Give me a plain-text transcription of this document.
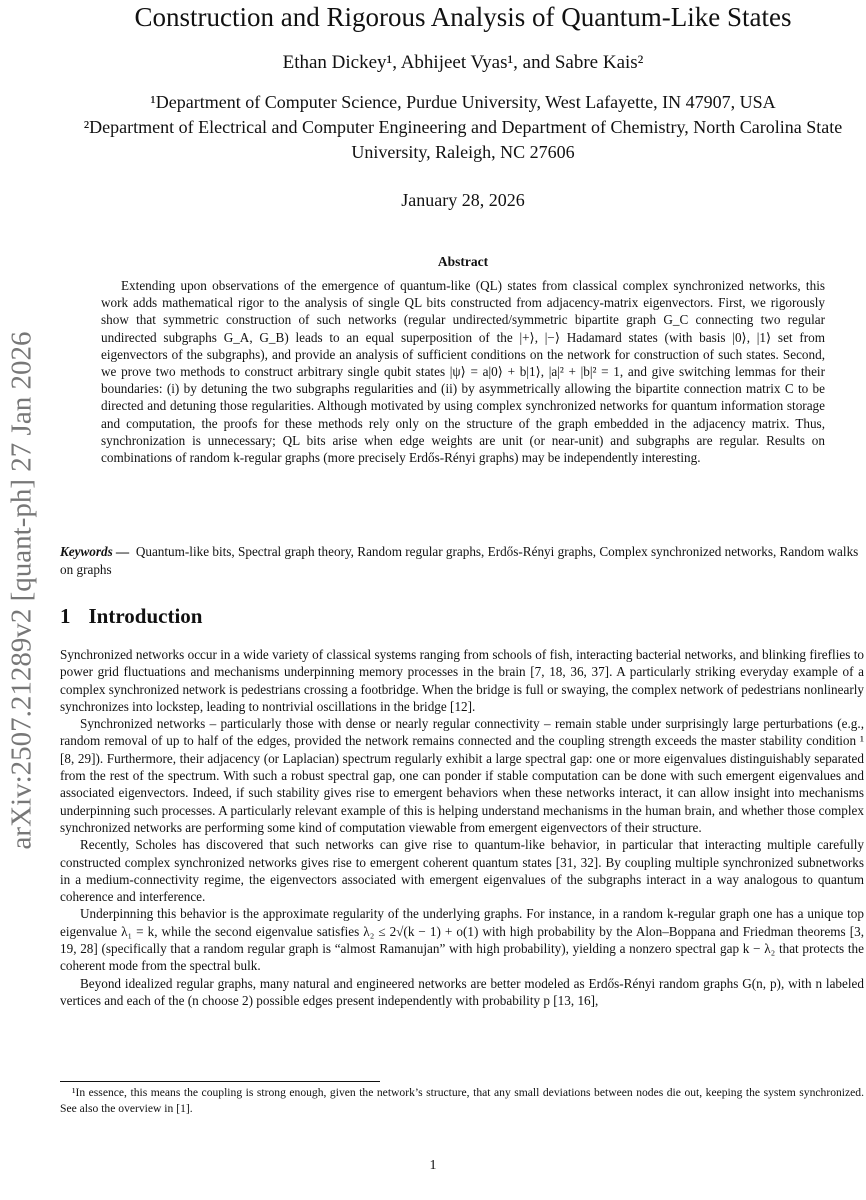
arXiv:2507.21289v2 [quant-ph] 27 Jan 2026
Construction and Rigorous Analysis of Quantum-Like States
Ethan Dickey¹, Abhijeet Vyas¹, and Sabre Kais²
¹Department of Computer Science, Purdue University, West Lafayette, IN 47907, USA
²Department of Electrical and Computer Engineering and Department of Chemistry, North Carolina State University, Raleigh, NC 27606
January 28, 2026
Abstract

Extending upon observations of the emergence of quantum-like (QL) states from classical complex synchronized networks, this work adds mathematical rigor to the analysis of single QL bits constructed from adjacency-matrix eigenvectors. First, we rigorously show that symmetric construction of such networks (regular undirected/symmetric bipartite graph G_C connecting two regular undirected subgraphs G_A, G_B) leads to an equal superposition of the |+⟩, |−⟩ Hadamard states (with basis |0⟩, |1⟩ set from eigenvectors of the subgraphs), and provide an analysis of sufficient conditions on the network for construction of such states. Second, we prove two methods to construct arbitrary single qubit states |ψ⟩ = a|0⟩ + b|1⟩, |a|² + |b|² = 1, and give switching lemmas for their boundaries: (i) by detuning the two subgraphs regularities and (ii) by asymmetrically allowing the bipartite connection matrix C to be directed and detuning those regularities. Although motivated by using complex synchronized networks for quantum information storage and computation, the proofs for these methods rely only on the structure of the graph embedded in the adjacency matrix. Thus, synchronization is unnecessary; QL bits arise when edge weights are unit (or near-unit) and subgraphs are regular. Results on combinations of random k-regular graphs (more precisely Erdős-Rényi graphs) may be independently interesting.

Keywords — Quantum-like bits, Spectral graph theory, Random regular graphs, Erdős-Rényi graphs, Complex synchronized networks, Random walks on graphs

1 Introduction

Synchronized networks occur in a wide variety of classical systems ranging from schools of fish, interacting bacterial networks, and blinking fireflies to power grid fluctuations and mechanisms underpinning memory processes in the brain [7, 18, 36, 37]. A particularly striking everyday example of a complex synchronized network is pedestrians crossing a footbridge. When the bridge is full or swaying, the complex network of pedestrians nonlinearly synchronizes into lockstep, leading to nontrivial oscillations in the bridge [12].

Synchronized networks – particularly those with dense or nearly regular connectivity – remain stable under surprisingly large perturbations (e.g., random removal of up to half of the edges, provided the network remains connected and the coupling strength exceeds the master stability condition ¹ [8, 29]). Furthermore, their adjacency (or Laplacian) spectrum regularly exhibit a large spectral gap: one or more eigenvalues distinguishably separated from the rest of the spectrum. With such a robust spectral gap, one can ponder if stable computation can be done with such emergent eigenvalues and associated eigenvectors. Indeed, if such stability gives rise to emergent behaviors when these networks interact, it can allow insight into mechanisms underpinning such processes. A particularly relevant example of this is helping understand mechanisms in the human brain, and whether those complex synchronized networks are performing some kind of computation viewable from emergent eigenvectors of their structure.

Recently, Scholes has discovered that such networks can give rise to quantum-like behavior, in particular that interacting multiple carefully constructed complex synchronized networks gives rise to emergent coherent quantum states [31, 32]. By coupling multiple synchronized subnetworks in a medium-connectivity regime, the eigenvectors associated with emergent eigenvalues of the subgraphs interact in a way analogous to quantum coherence and interference.

Underpinning this behavior is the approximate regularity of the underlying graphs. For instance, in a random k-regular graph one has a unique top eigenvalue λ₁ = k, while the second eigenvalue satisfies λ₂ ≤ 2√(k − 1) + o(1) with high probability by the Alon–Boppana and Friedman theorems [3, 19, 28] (specifically that a random regular graph is “almost Ramanujan” with high probability), yielding a nonzero spectral gap k − λ₂ that protects the coherent mode from the spectral bulk.

Beyond idealized regular graphs, many natural and engineered networks are better modeled as Erdős-Rényi random graphs G(n, p), with n labeled vertices and each of the (n choose 2) possible edges present independently with probability p [13, 16],

¹In essence, this means the coupling is strong enough, given the network’s structure, that any small deviations between nodes die out, keeping the system synchronized. See also the overview in [1].

1
